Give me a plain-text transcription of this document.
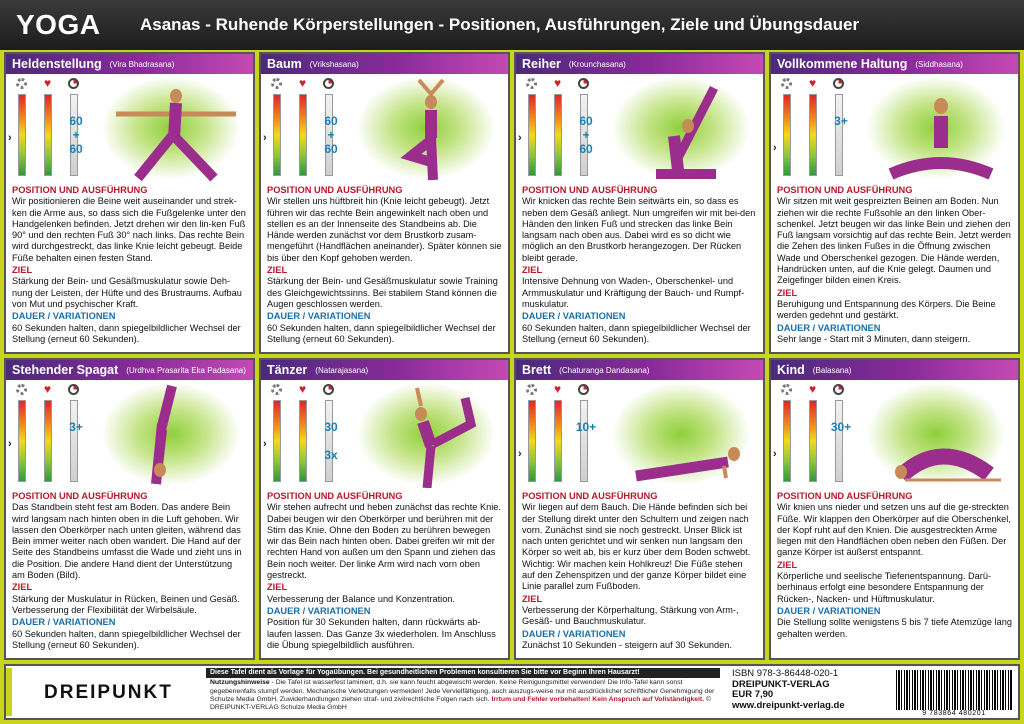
YOGA	Asanas - Ruhende Körperstellungen - Positionen, Ausführungen, Ziele und Übungsdauer
Heldenstellung (Vira Bhadrasana)
♥
›
60
+
60
POSITION UND AUSFÜHRUNG
Wir positionieren die Beine weit auseinander und strek-ken die Arme aus, so dass sich die Fußgelenke unter den Handgelenken befinden. Jetzt drehen wir den lin-ken Fuß 90° und den rechten Fuß 30° nach links. Das rechte Bein wird durchgestreckt, das linke Knie leicht gebeugt. Beide Füße behalten einen festen Stand.
ZIEL
Stärkung der Bein- und Gesäßmuskulatur sowie Deh-nung der Leisten, der Hüfte und des Brustraums. Aufbau von Mut und psychischer Kraft.
DAUER / VARIATIONEN
60 Sekunden halten, dann spiegelbildlicher Wechsel der Stellung (erneut 60 Sekunden).
Baum (Vrikshasana)
♥
›
60
+
60
POSITION UND AUSFÜHRUNG
Wir stellen uns hüftbreit hin (Knie leicht gebeugt). Jetzt führen wir das rechte Bein angewinkelt nach oben und stellen es an der Innenseite des Standbeins ab. Die Hände werden zunächst vor dem Brustkorb zusam-mengeführt (Handflächen aneinander). Später können sie bis über den Kopf gehoben werden.
ZIEL
Stärkung der Bein- und Gesäßmuskulatur sowie Training des Gleichgewichtssinns. Bei stabilem Stand können die Augen geschlossen werden.
DAUER / VARIATIONEN
60 Sekunden halten, dann spiegelbildlicher Wechsel der Stellung (erneut 60 Sekunden).
Reiher (Krounchasana)
♥
›
60
+
60
POSITION UND AUSFÜHRUNG
Wir knicken das rechte Bein seitwärts ein, so dass es neben dem Gesäß anliegt. Nun umgreifen wir mit bei-den Händen den linken Fuß und strecken das linke Bein langsam nach oben aus. Dabei wird es so dicht wie möglich an den Brustkorb herangezogen. Der Rücken bleibt gerade.
ZIEL
Intensive Dehnung von Waden-, Oberschenkel- und Armmuskulatur und Kräftigung der Bauch- und Rumpf-muskulatur.
DAUER / VARIATIONEN
60 Sekunden halten, dann spiegelbildlicher Wechsel der Stellung (erneut 60 Sekunden).
Vollkommene Haltung (Siddhasana)
♥
›
3+
POSITION UND AUSFÜHRUNG
Wir sitzen mit weit gespreizten Beinen am Boden. Nun ziehen wir die rechte Fußsohle an den linken Ober-schenkel. Jetzt beugen wir das linke Bein und ziehen den Fuß langsam vorsichtig auf das rechte Bein. Jetzt werden die Zehen des linken Fußes in die Öffnung zwischen Wade und Oberschenkel gezogen. Die Hände werden, Handrücken unten, auf die Knie gelegt. Daumen und Zeigefinger bilden einen Kreis.
ZIEL
Beruhigung und Entspannung des Körpers. Die Beine werden gedehnt und gestärkt.
DAUER / VARIATIONEN
Sehr lange - Start mit 3 Minuten, dann steigern.
Stehender Spagat (Urdhva Prasarita Eka Padasana)
♥
›
3+
POSITION UND AUSFÜHRUNG
Das Standbein steht fest am Boden. Das andere Bein wird langsam nach hinten oben in die Luft gehoben. Wir lassen den Oberkörper nach unten gleiten, während das Bein immer weiter nach oben wandert. Die Hand auf der Seite des Standbeins umfasst die Wade und zieht uns in die Position. Die andere Hand dient der Unterstützung am Boden (Bild).
ZIEL
Stärkung der Muskulatur in Rücken, Beinen und Gesäß. Verbesserung der Flexibilität der Wirbelsäule.
DAUER / VARIATIONEN
60 Sekunden halten, dann spiegelbildlicher Wechsel der Stellung (erneut 60 Sekunden).
Tänzer (Natarajasana)
♥
›
30

3x
POSITION UND AUSFÜHRUNG
Wir stehen aufrecht und heben zunächst das rechte Knie. Dabei beugen wir den Oberkörper und berühren mit der Stirn das Knie. Ohne den Boden zu berühren bewegen wir das Bein nach hinten oben. Dabei greifen wir mit der rechten Hand von außen um den Spann und ziehen das Bein noch weiter. Der linke Arm wird nach vorn oben gestreckt.
ZIEL
Verbesserung der Balance und Konzentration.
DAUER / VARIATIONEN
Position für 30 Sekunden halten, dann rückwärts ab-laufen lassen. Das Ganze 3x wiederholen. Im Anschluss die Übung spiegelbildlich ausführen.
Brett (Chaturanga Dandasana)
♥
›
10+
POSITION UND AUSFÜHRUNG
Wir liegen auf dem Bauch. Die Hände befinden sich bei der Stellung direkt unter den Schultern und zeigen nach vorn. Zunächst sind sie noch gestreckt. Unser Blick ist nach unten gerichtet und wir senken nun langsam den Körper so weit ab, bis er kurz über dem Boden schwebt. Wichtig: Wir machen kein Hohlkreuz! Die Füße stehen auf den Zehenspitzen und der ganze Körper bildet eine Linie parallel zum Fußboden.
ZIEL
Verbesserung der Körperhaltung, Stärkung von Arm-, Gesäß- und Bauchmuskulatur.
DAUER / VARIATIONEN
Zunächst 10 Sekunden - steigern auf 30 Sekunden.
Kind (Balasana)
♥
›
30+
POSITION UND AUSFÜHRUNG
Wir knien uns nieder und setzen uns auf die ge-streckten Füße. Wir klappen den Oberkörper auf die Oberschenkel, der Kopf ruht auf den Knien. Die ausgestreckten Arme liegen mit den Handflächen oben neben den Füßen. Der ganze Körper ist äußerst entspannt.
ZIEL
Körperliche und seelische Tiefenentspannung. Darü-berhinaus erfolgt eine besondere Entspannung der Rücken-, Nacken- und Hüftmuskulatur.
DAUER / VARIATIONEN
Die Stellung sollte wenigstens 5 bis 7 tiefe Atemzüge lang gehalten werden.
DREIPUNKT
Diese Tafel dient als Vorlage für Yogaübungen. Bei gesundheitlichen Problemen konsultieren Sie bitte vor Beginn Ihren Hausarzt!
Nutzungshinweise - Die Tafel ist wasserfest laminiert, d.h. sie kann feucht abgewischt werden. Keine Reinigungsmittel verwenden! Die Info-Tafel kann sonst gegebenenfalls stumpf werden. Mechanische Verletzungen vermeiden! Jede Vervielfältigung, auch auszugs-weise nur mit ausdrücklicher schriftlicher Genehmigung der Schulze Media GmbH. Zuwiderhandlungen ziehen straf- und zivilrechtliche Folgen nach sich. Irrtum und Fehler vorbehalten! Kein Anspruch auf Vollständigkeit. © DREIPUNKT-VERLAG Schulze Media GmbH
ISBN 978-3-86448-020-1
DREIPUNKT-VERLAG
EUR 7,90
www.dreipunkt-verlag.de
9 783864 480201
